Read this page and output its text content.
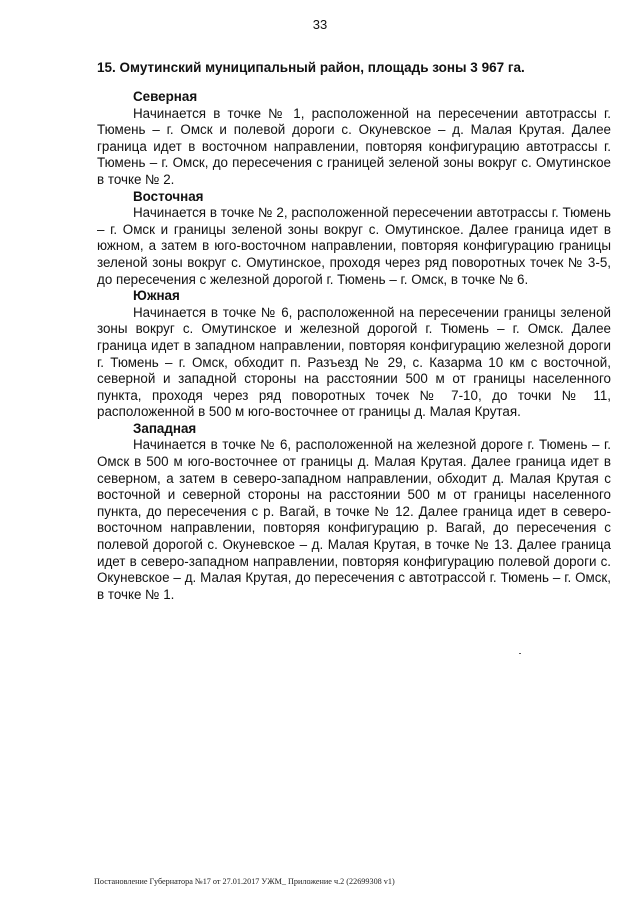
33
15. Омутинский муниципальный район, площадь зоны 3 967 га.

Северная

Начинается в точке № 1, расположенной на пересечении автотрассы г. Тюмень – г. Омск и полевой дороги с. Окуневское – д. Малая Крутая. Далее граница идет в восточном направлении, повторяя конфигурацию автотрассы г. Тюмень – г. Омск, до пересечения с границей зеленой зоны вокруг с. Омутинское в точке № 2.

Восточная

Начинается в точке № 2, расположенной пересечении автотрассы г. Тюмень – г. Омск и границы зеленой зоны вокруг с. Омутинское. Далее граница идет в южном, а затем в юго-восточном направлении, повторяя конфигурацию границы зеленой зоны вокруг с. Омутинское, проходя через ряд поворотных точек № 3-5, до пересечения с железной дорогой г. Тюмень – г. Омск, в точке № 6.

Южная

Начинается в точке № 6, расположенной на пересечении границы зеленой зоны вокруг с. Омутинское и железной дорогой г. Тюмень – г. Омск. Далее граница идет в западном направлении, повторяя конфигурацию железной дороги г. Тюмень – г. Омск, обходит п. Разъезд № 29, с. Казарма 10 км с восточной, северной и западной стороны на расстоянии 500 м от границы населенного пункта, проходя через ряд поворотных точек № 7-10, до точки № 11, расположенной в 500 м юго-восточнее от границы д. Малая Крутая.

Западная

Начинается в точке № 6, расположенной на железной дороге г. Тюмень – г. Омск в 500 м юго-восточнее от границы д. Малая Крутая. Далее граница идет в северном, а затем в северо-западном направлении, обходит д. Малая Крутая с восточной и северной стороны на расстоянии 500 м от границы населенного пункта, до пересечения с р. Вагай, в точке № 12. Далее граница идет в северо-восточном направлении, повторяя конфигурацию р. Вагай, до пересечения с полевой дорогой с. Окуневское – д. Малая Крутая, в точке № 13. Далее граница идет в северо-западном направлении, повторяя конфигурацию полевой дороги с. Окуневское – д. Малая Крутая, до пересечения с автотрассой г. Тюмень – г. Омск, в точке № 1.

Постановление Губернатора №17 от 27.01.2017 УЖМ_ Приложение ч.2 (22699308 v1)
